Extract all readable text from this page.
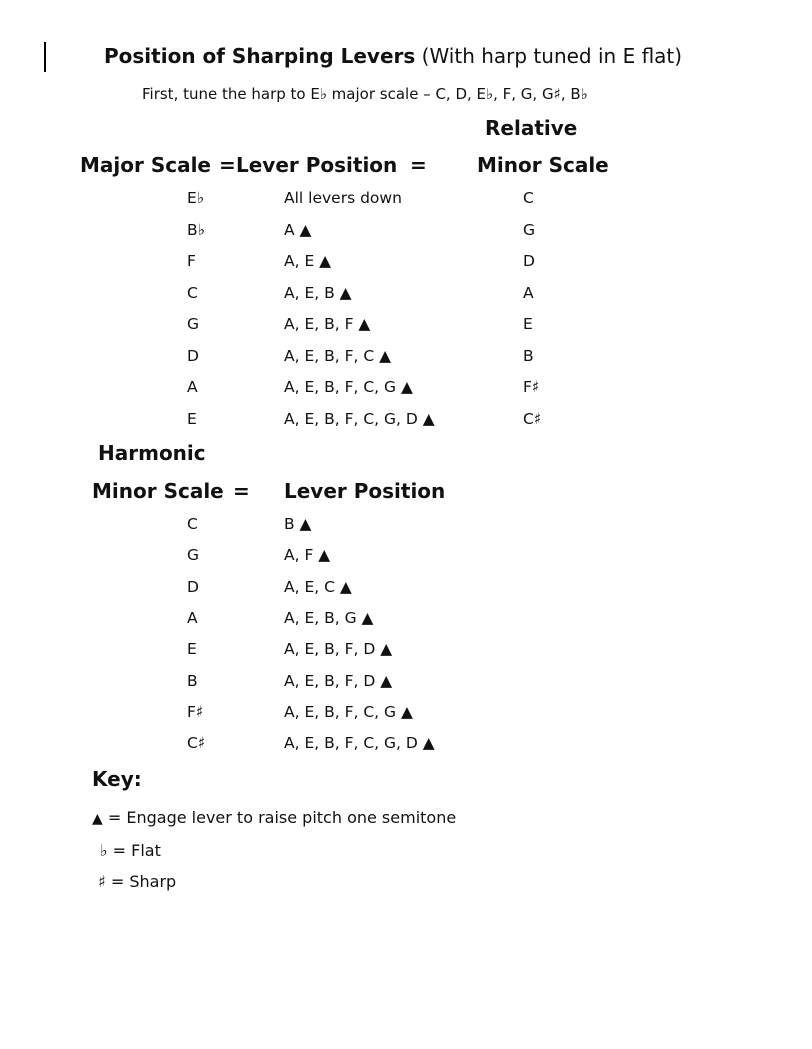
Position of Sharping Levers (With harp tuned in E flat)
First, tune the harp to E♭ major scale – C, D, E♭, F, G, G♯, B♭
Relative
Major Scale = Lever Position =	Minor Scale
E♭	All levers down	C
B♭	A ▲	G
F	A, E ▲	D
C	A, E, B ▲	A
G	A, E, B, F ▲	E
D	A, E, B, F, C ▲	B
A	A, E, B, F, C, G ▲	F♯
E	A, E, B, F, C, G, D ▲	C♯
Harmonic
Minor Scale = Lever Position
C	B ▲
G	A, F ▲
D	A, E, C ▲
A	A, E, B, G ▲
E	A, E, B, F, D ▲
B	A, E, B, F, D ▲
F♯	A, E, B, F, C, G ▲
C♯	A, E, B, F, C, G, D ▲
Key:
▲ = Engage lever to raise pitch one semitone
♭ = Flat
♯ = Sharp
